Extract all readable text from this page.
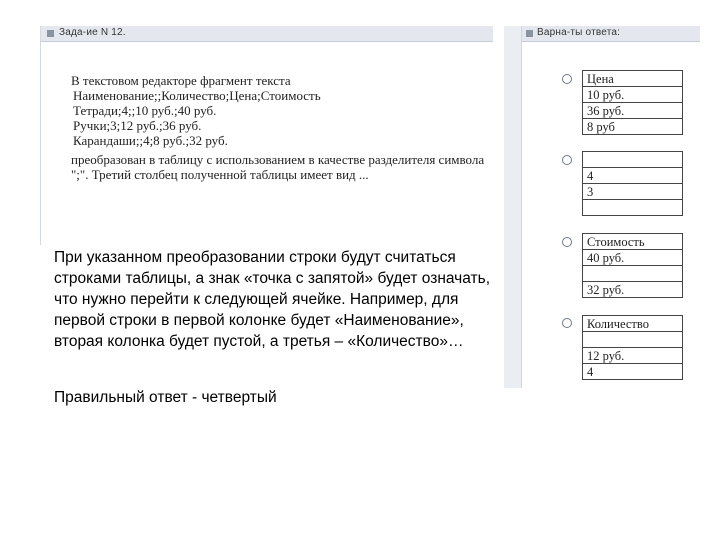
Зада-ие N 12.

В текстовом редакторе фрагмент текста

Наименование;;Количество;Цена;Стоимость

Тетради;4;;10 руб.;40 руб.

Ручки;3;12 руб.;36 руб.

Карандаши;;4;8 руб.;32 руб.

преобразован в таблицу с использованием в качестве разделителя символа ";". Третий столбец полученной таблицы имеет вид ...

Варна-ты ответа:
Цена
10 руб.
36 руб.
8 руб

4
3

Стоимость
40 руб.

32 руб.
Количество

12 руб.
4

При указанном преобразовании строки будут считаться строками таблицы, а знак «точка с запятой» будет означать, что нужно перейти к следующей ячейке. Например, для первой строки в первой колонке будет «Наименование», вторая колонка будет пустой, а третья – «Количество»…

Правильный ответ - четвертый
